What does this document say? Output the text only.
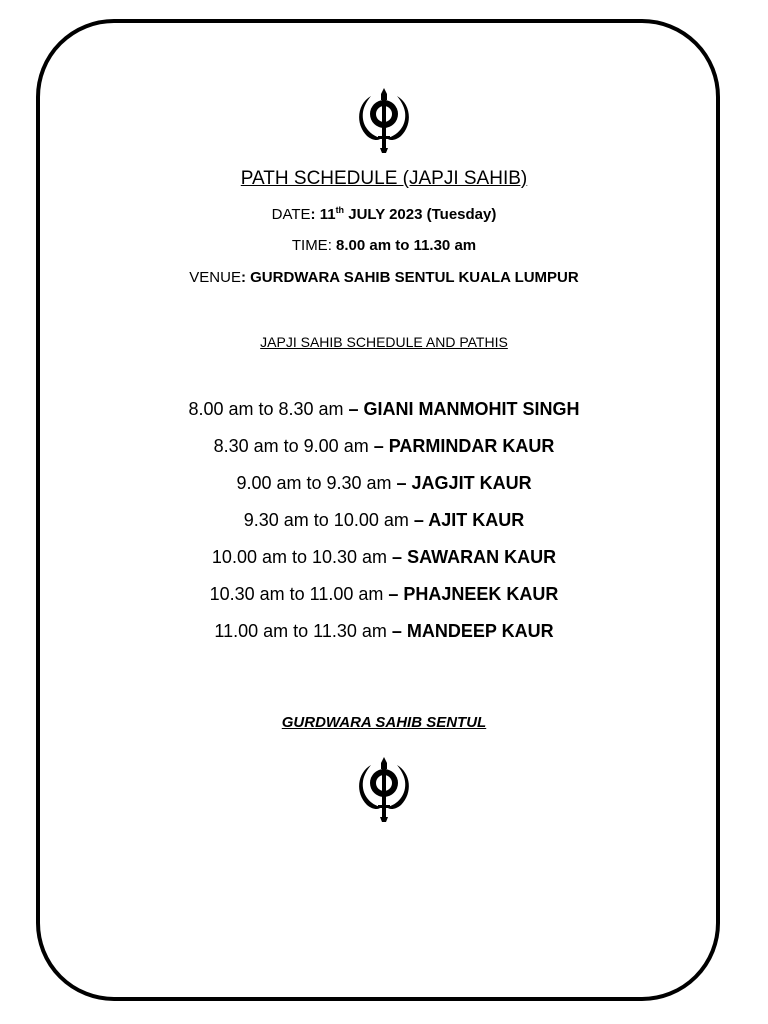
PATH SCHEDULE (JAPJI SAHIB)
DATE: 11th JULY 2023 (Tuesday)
TIME: 8.00 am to 11.30 am
VENUE: GURDWARA SAHIB SENTUL KUALA LUMPUR
JAPJI SAHIB SCHEDULE AND PATHIS
8.00 am to 8.30 am – GIANI MANMOHIT SINGH
8.30 am to 9.00 am – PARMINDAR KAUR
9.00 am to 9.30 am – JAGJIT KAUR
9.30 am to 10.00 am – AJIT KAUR
10.00 am to 10.30 am – SAWARAN KAUR
10.30 am to 11.00 am – PHAJNEEK KAUR
11.00 am to 11.30 am – MANDEEP KAUR
GURDWARA SAHIB SENTUL
